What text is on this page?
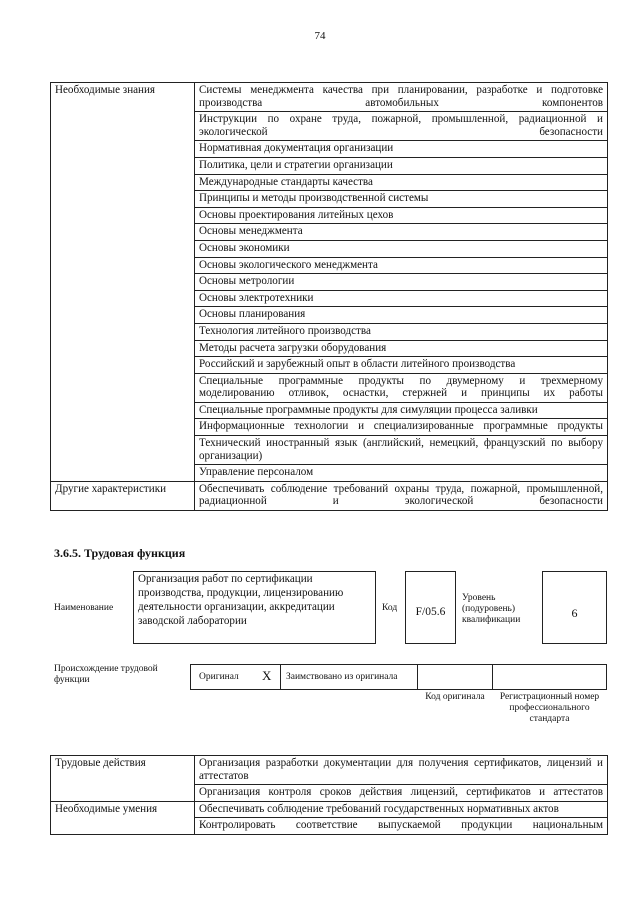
74
Необходимые знания	Системы менеджмента качества при планировании, разработке и подготовке производства автомобильных компонентов
	Инструкции по охране труда, пожарной, промышленной, радиационной и экологической безопасности
	Нормативная документация организации
	Политика, цели и стратегии организации
	Международные стандарты качества
	Принципы и методы производственной системы
	Основы проектирования литейных цехов
	Основы менеджмента
	Основы экономики
	Основы экологического менеджмента
	Основы метрологии
	Основы электротехники
	Основы планирования
	Технология литейного производства
	Методы расчета загрузки оборудования
	Российский и зарубежный опыт в области литейного производства
	Специальные программные продукты по двумерному и трехмерному моделированию отливок, оснастки, стержней и принципы их работы
	Специальные программные продукты для симуляции процесса заливки
	Информационные технологии и специализированные программные продукты
	Технический иностранный язык (английский, немецкий, французский по выбору организации)
	Управление персоналом
Другие характеристики	Обеспечивать соблюдение требований охраны труда, пожарной, промышленной, радиационной и экологической безопасности
3.6.5. Трудовая функция
Наименование
Организация работ по сертификации производства, продукции, лицензированию деятельности организации, аккредитации заводской лаборатории
Код	F/05.6
Уровень (подуровень) квалификации	6
Происхождение трудовой функции	Оригинал X Заимствовано из оригинала
Код оригинала	Регистрационный номер профессионального стандарта
Трудовые действия	Организация разработки документации для получения сертификатов, лицензий и аттестатов
	Организация контроля сроков действия лицензий, сертификатов и аттестатов
Необходимые умения	Обеспечивать соблюдение требований государственных нормативных актов
	Контролировать соответствие выпускаемой продукции национальным
